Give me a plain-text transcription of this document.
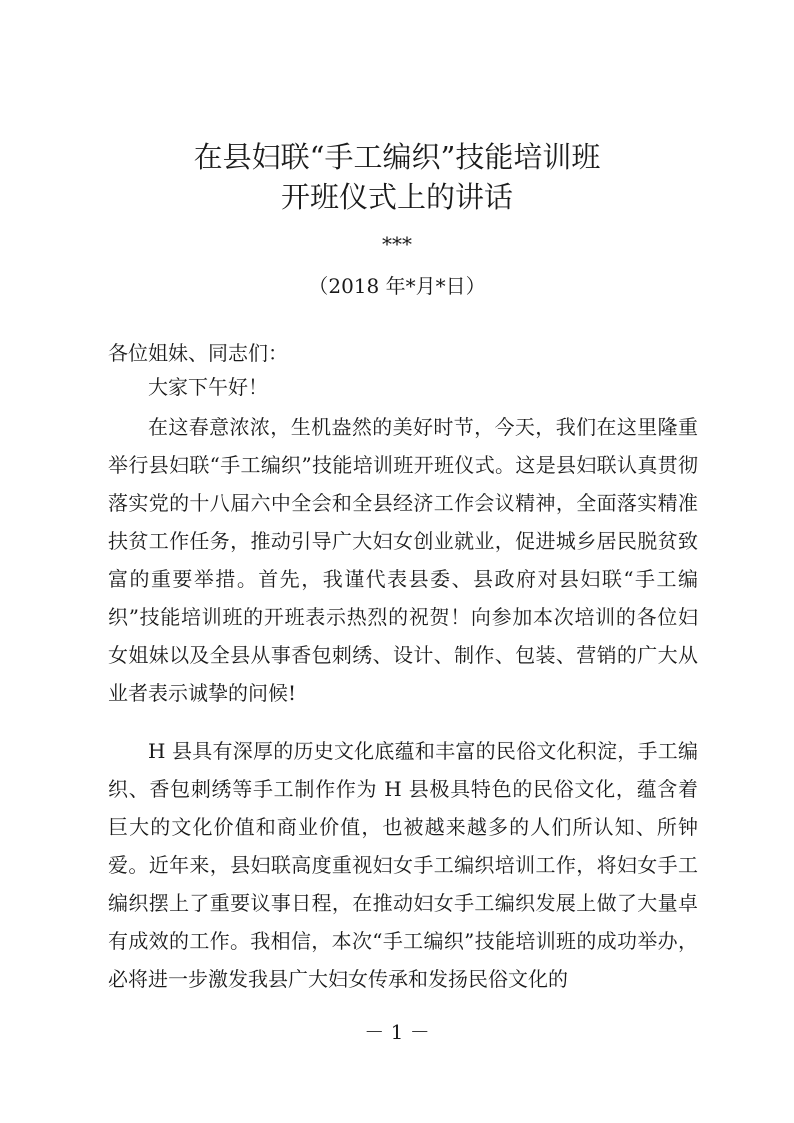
在县妇联“手工编织”技能培训班
开班仪式上的讲话
***
（2018 年*月*日）
各位姐妹、同志们：

大家下午好！

在这春意浓浓，生机盎然的美好时节，今天，我们在这里隆重举行县妇联“手工编织”技能培训班开班仪式。这是县妇联认真贯彻落实党的十八届六中全会和全县经济工作会议精神，全面落实精准扶贫工作任务，推动引导广大妇女创业就业，促进城乡居民脱贫致富的重要举措。首先，我谨代表县委、县政府对县妇联“手工编织”技能培训班的开班表示热烈的祝贺！向参加本次培训的各位妇女姐妹以及全县从事香包刺绣、设计、制作、包装、营销的广大从业者表示诚挚的问候!

H 县具有深厚的历史文化底蕴和丰富的民俗文化积淀，手工编织、香包刺绣等手工制作作为 H 县极具特色的民俗文化，蕴含着巨大的文化价值和商业价值，也被越来越多的人们所认知、所钟爱。近年来，县妇联高度重视妇女手工编织培训工作，将妇女手工编织摆上了重要议事日程，在推动妇女手工编织发展上做了大量卓有成效的工作。我相信，本次“手工编织”技能培训班的成功举办，必将进一步激发我县广大妇女传承和发扬民俗文化的

－ 1 －
